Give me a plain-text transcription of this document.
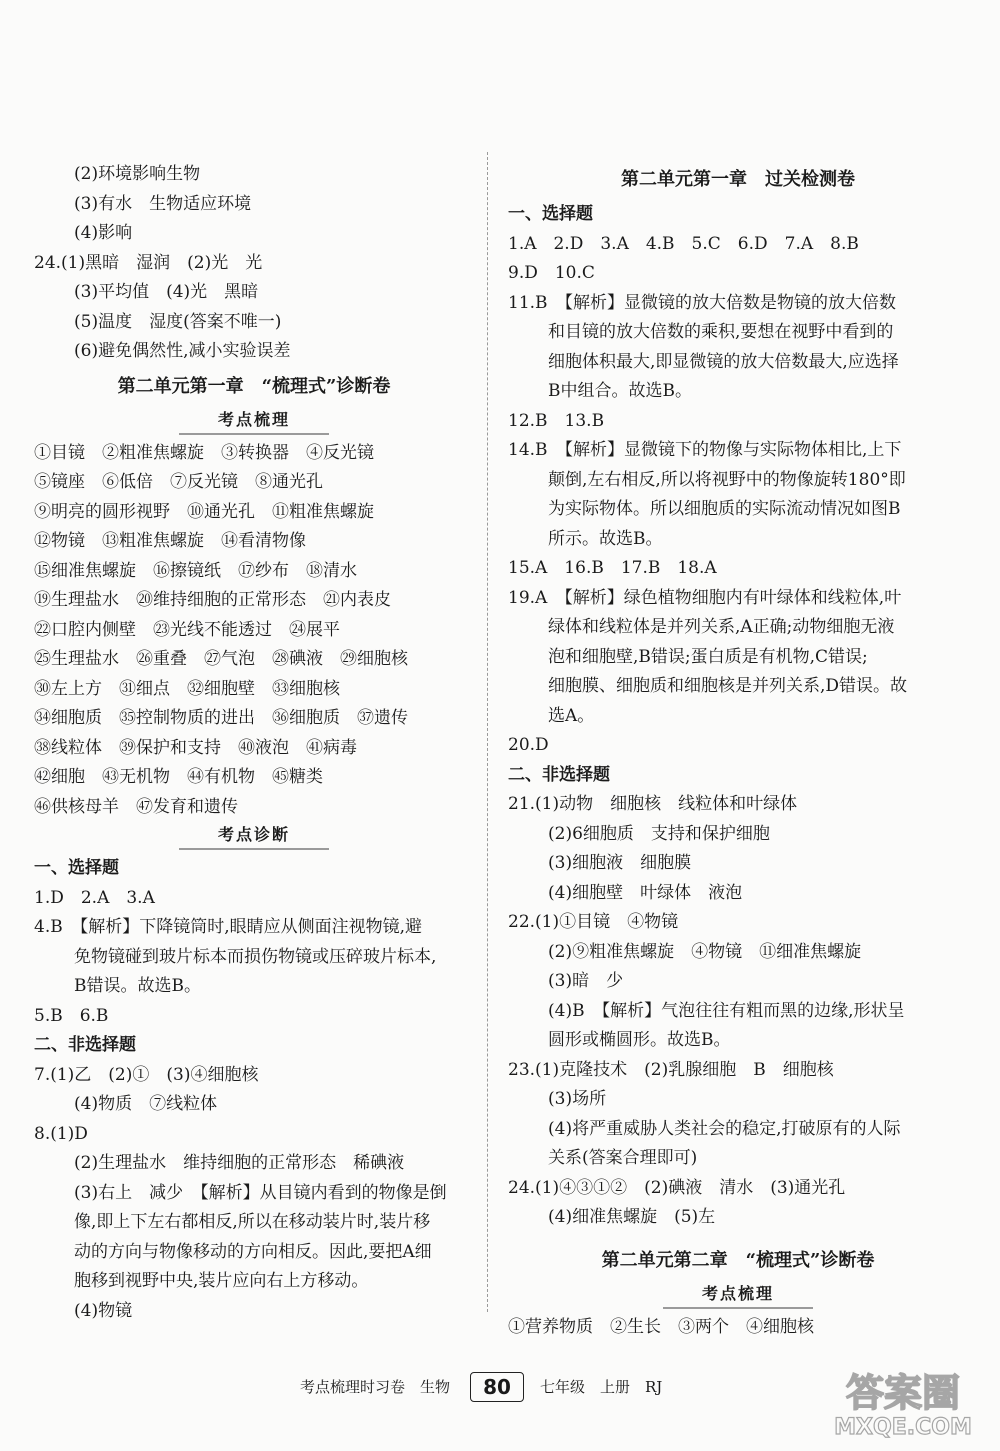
(2)环境影响生物
(3)有水　生物适应环境
(4)影响
24.(1)黑暗　湿润　(2)光　光
(3)平均值　(4)光　黑暗
(5)温度　湿度(答案不唯一)
(6)避免偶然性,减小实验误差
第二单元第一章　“梳理式”诊断卷
考点梳理
①目镜　②粗准焦螺旋　③转换器　④反光镜
⑤镜座　⑥低倍　⑦反光镜　⑧通光孔
⑨明亮的圆形视野　⑩通光孔　⑪粗准焦螺旋
⑫物镜　⑬粗准焦螺旋　⑭看清物像
⑮细准焦螺旋　⑯擦镜纸　⑰纱布　⑱清水
⑲生理盐水　⑳维持细胞的正常形态　㉑内表皮
㉒口腔内侧壁　㉓光线不能透过　㉔展平
㉕生理盐水　㉖重叠　㉗气泡　㉘碘液　㉙细胞核
㉚左上方　㉛细点　㉜细胞壁　㉝细胞核
㉞细胞质　㉟控制物质的进出　㊱细胞质　㊲遗传
㊳线粒体　㊴保护和支持　㊵液泡　㊶病毒
㊷细胞　㊸无机物　㊹有机物　㊺糖类
㊻供核母羊　㊼发育和遗传
考点诊断
一、选择题
1.D　2.A　3.A
4.B　【解析】下降镜筒时,眼睛应从侧面注视物镜,避
免物镜碰到玻片标本而损伤物镜或压碎玻片标本,
B错误。故选B。
5.B　6.B
二、非选择题
7.(1)乙　(2)①　(3)④细胞核
(4)物质　⑦线粒体
8.(1)D
(2)生理盐水　维持细胞的正常形态　稀碘液
(3)右上　减少　【解析】从目镜内看到的物像是倒
像,即上下左右都相反,所以在移动装片时,装片移
动的方向与物像移动的方向相反。因此,要把A细
胞移到视野中央,装片应向右上方移动。
(4)物镜
第二单元第一章　过关检测卷
一、选择题
1.A　2.D　3.A　4.B　5.C　6.D　7.A　8.B
9.D　10.C
11.B　【解析】显微镜的放大倍数是物镜的放大倍数
和目镜的放大倍数的乘积,要想在视野中看到的
细胞体积最大,即显微镜的放大倍数最大,应选择
B中组合。故选B。
12.B　13.B
14.B　【解析】显微镜下的物像与实际物体相比,上下
颠倒,左右相反,所以将视野中的物像旋转180°即
为实际物体。所以细胞质的实际流动情况如图B
所示。故选B。
15.A　16.B　17.B　18.A
19.A　【解析】绿色植物细胞内有叶绿体和线粒体,叶
绿体和线粒体是并列关系,A正确;动物细胞无液
泡和细胞壁,B错误;蛋白质是有机物,C错误;
细胞膜、细胞质和细胞核是并列关系,D错误。故
选A。
20.D
二、非选择题
21.(1)动物　细胞核　线粒体和叶绿体
(2)6细胞质　支持和保护细胞
(3)细胞液　细胞膜
(4)细胞壁　叶绿体　液泡
22.(1)①目镜　④物镜
(2)⑨粗准焦螺旋　④物镜　⑪细准焦螺旋
(3)暗　少
(4)B　【解析】气泡往往有粗而黑的边缘,形状呈
圆形或椭圆形。故选B。
23.(1)克隆技术　(2)乳腺细胞　B　细胞核
(3)场所
(4)将严重威胁人类社会的稳定,打破原有的人际
关系(答案合理即可)
24.(1)④③①②　(2)碘液　清水　(3)通光孔
(4)细准焦螺旋　(5)左
第二单元第二章　“梳理式”诊断卷
考点梳理
①营养物质　②生长　③两个　④细胞核
考点梳理时习卷　生物	80	七年级　上册　RJ	答案圈
MXQE.COM
